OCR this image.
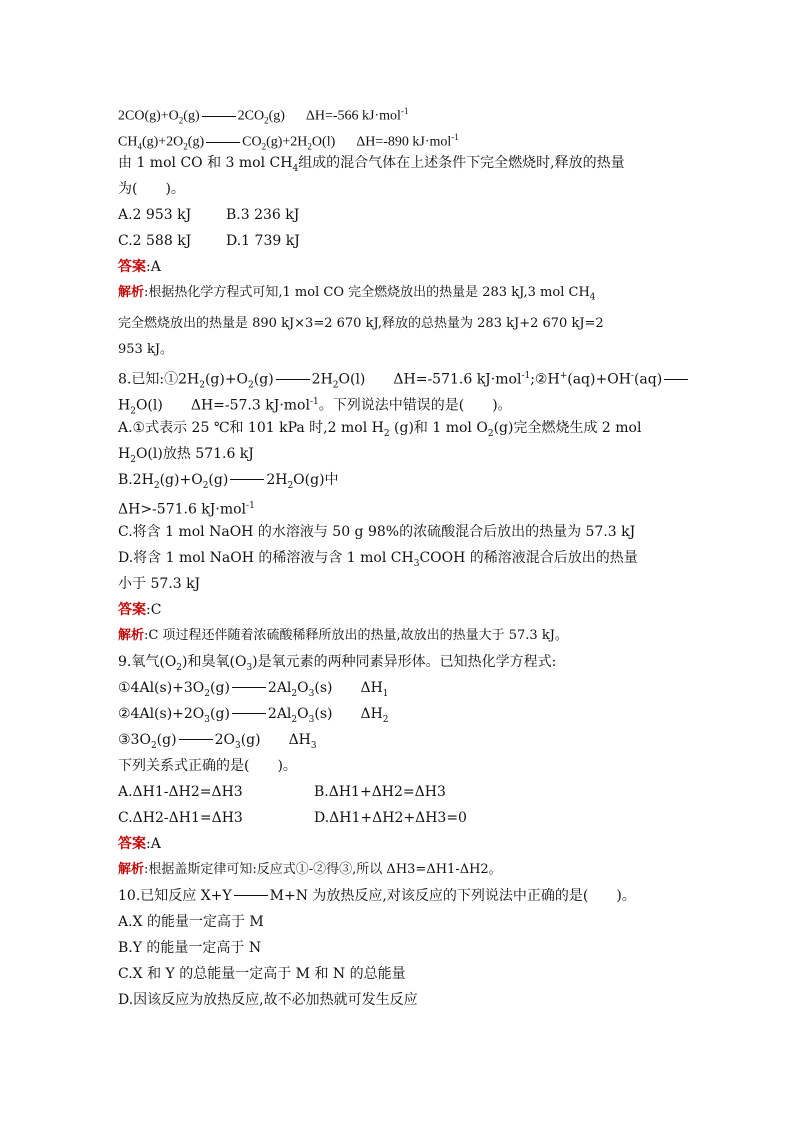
$2CO(g)+O_2(g)$	$2CO_2(g)$   ΔH=-566 kJ·mol$^{-1}$
$CH_4(g)+2O_2(g)$	$CO_2(g)+2H_2O(l)$   ΔH=-890 kJ·mol$^{-1}$
由 1 mol CO 和 3 mol $CH_4$组成的混合气体在上述条件下完全燃烧时,释放的热量
为(　　)。
A.2 953 kJ B.3 236 kJ
C.2 588 kJ D.1 739 kJ
答案:A
解析:根据热化学方程式可知,1 mol CO 完全燃烧放出的热量是 283 kJ,3 mol $CH_4$
完全燃烧放出的热量是 890 kJ×3=2 670 kJ,释放的总热量为 283 kJ+2 670 kJ=2
953 kJ。
8.已知$:①2H_2(g)+O_2(g)$	$2H_2O(l)$　　ΔH=-571.6 kJ·mol$^{-1}$;②H+(aq)+OH-(aq)
$H_2O(l)$　　ΔH=-57.3 kJ·mol$^{-1}$。下列说法中错误的是(　　)。
A.①式表示 25 ℃和 101 kPa 时,2 mol $H_2$ (g)和 1 mol $O_2(g)$完全燃烧生成 2 mol
$H_2O(l)$放热 571.6 kJ
$B.2H_2(g)+O_2(g)$	$2H_2O(g)$中
ΔH>-571.6 kJ·mol$^{-1}$
C.将含 1 mol NaOH 的水溶液与 50 g 98%的浓硫酸混合后放出的热量为 57.3 kJ
D.将含 1 mol NaOH 的稀溶液与含 1 mol $CH_3COOH$ 的稀溶液混合后放出的热量
小于 57.3 kJ
答案:C
解析:C 项过程还伴随着浓硫酸稀释所放出的热量,故放出的热量大于 57.3 kJ。
9.氧气$(O_2)$和臭氧$(O_3)$是氧元素的两种同素异形体。已知热化学方程式:
$①4Al(s)+3O_2(g)$	$2Al_2O_3(s)$　　$\Delta H_1$
$②4Al(s)+2O_3(g)$	$2Al_2O_3(s)$　　$\Delta H_2$
$③3O_2(g)$	$2O_3(g)$　　$\Delta H_3$
下列关系式正确的是(　　)。
A.ΔH1-ΔH2=ΔH3	B.ΔH1+ΔH2=ΔH3
C.ΔH2-ΔH1=ΔH3	D.ΔH1+ΔH2+ΔH3=0
答案:A
解析:根据盖斯定律可知:反应式①-②得③,所以 ΔH3=ΔH1-ΔH2。
10.已知反应 X+Y	M+N 为放热反应,对该反应的下列说法中正确的是(　　)。
A.X 的能量一定高于 M
B.Y 的能量一定高于 N
C.X 和 Y 的总能量一定高于 M 和 N 的总能量
D.因该反应为放热反应,故不必加热就可发生反应
